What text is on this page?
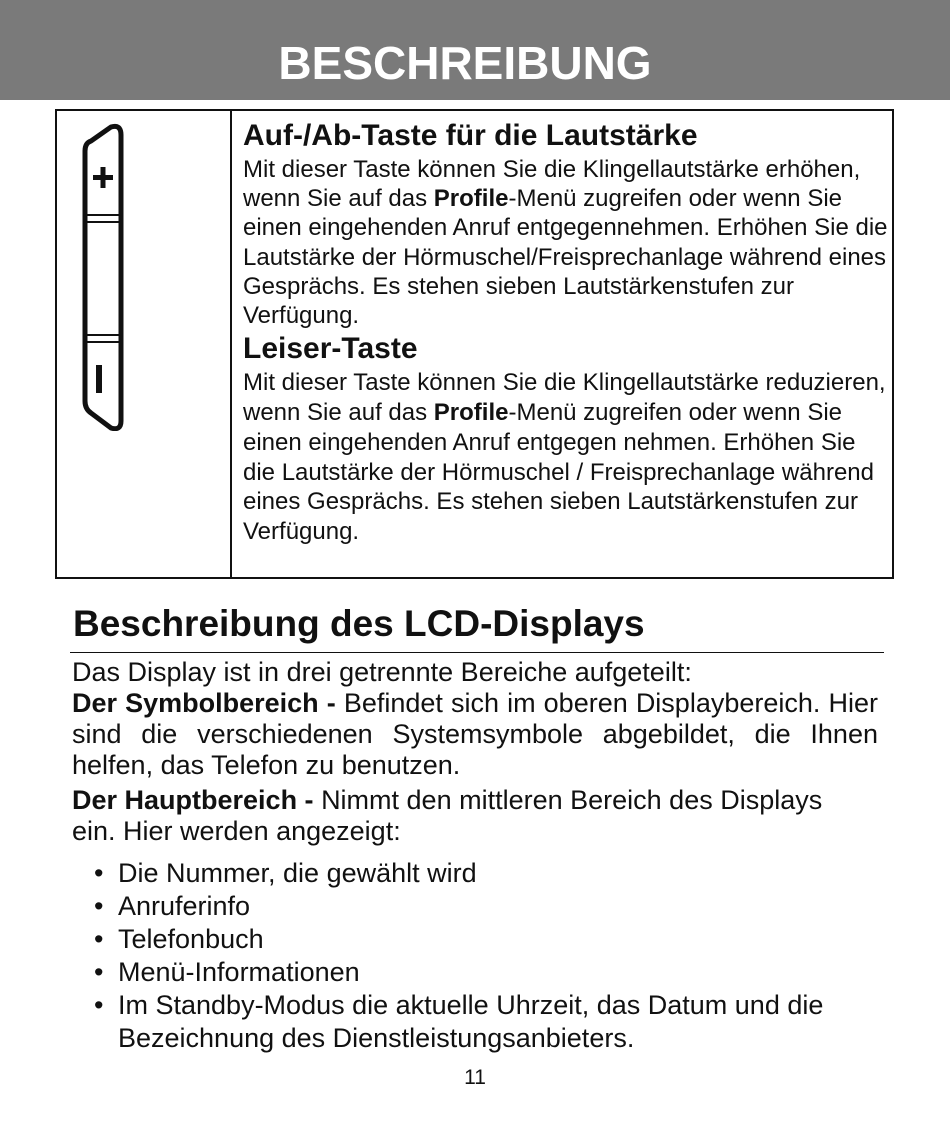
BESCHREIBUNG
Auf-/Ab-Taste für die Lautstärke

Mit dieser Taste können Sie die Klingellautstärke erhöhen, wenn Sie auf das Profile-Menü zugreifen oder wenn Sie einen eingehenden Anruf entgegennehmen. Erhöhen Sie die Lautstärke der Hörmuschel/Freisprechanlage während eines Gesprächs. Es stehen sieben Lautstärkenstufen zur Verfügung.

Leiser-Taste

Mit dieser Taste können Sie die Klingellautstärke reduzieren, wenn Sie auf das Profile-Menü zugreifen oder wenn Sie einen eingehenden Anruf entgegen nehmen. Erhöhen Sie die Lautstärke der Hörmuschel / Freisprechanlage während eines Gesprächs. Es stehen sieben Lautstärkenstufen zur Verfügung.

Beschreibung des LCD-Displays

Das Display ist in drei getrennte Bereiche aufgeteilt:

Der Symbolbereich - Befindet sich im oberen Displaybereich. Hier sind die verschiedenen Systemsymbole abgebildet, die Ihnen helfen, das Telefon zu benutzen.

Der Hauptbereich - Nimmt den mittleren Bereich des Displays
ein. Hier werden angezeigt:

• Die Nummer, die gewählt wird
• Anruferinfo
• Telefonbuch
• Menü-Informationen
• Im Standby-Modus die aktuelle Uhrzeit, das Datum und die Bezeichnung des Dienstleistungsanbieters.
11
